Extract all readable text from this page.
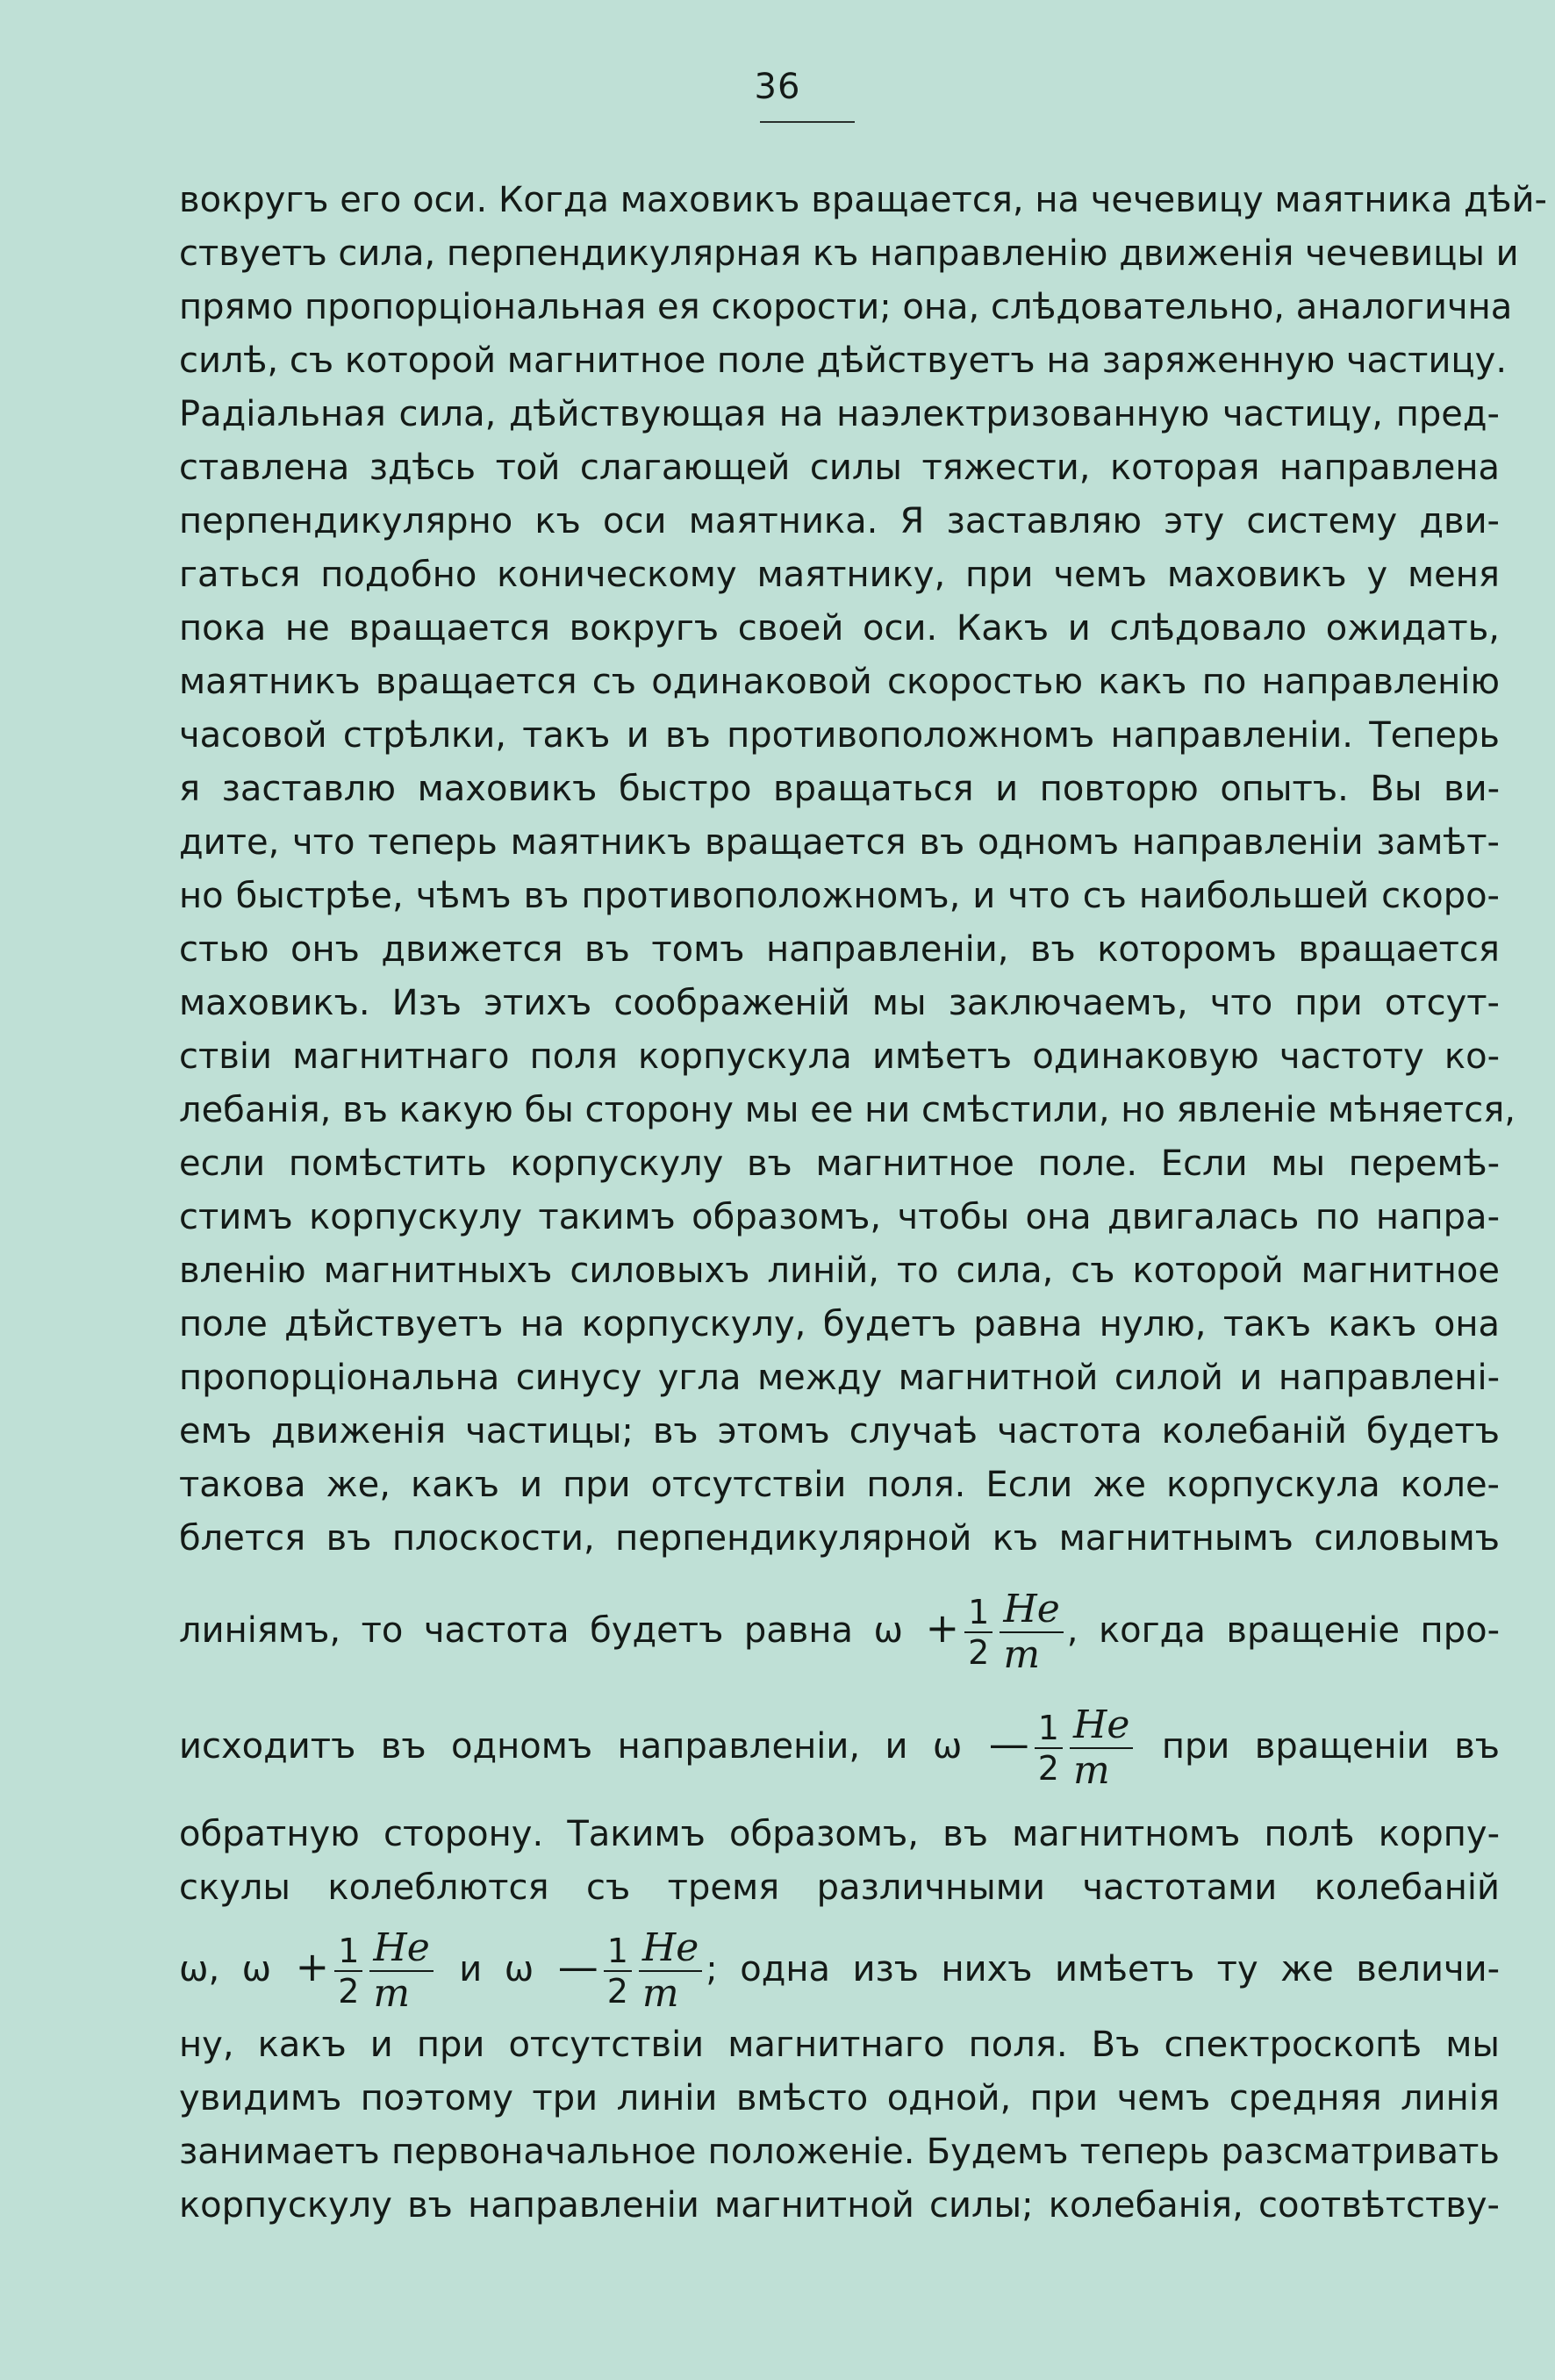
36
вокругъ его оси. Когда маховикъ вращается, на чечевицу маятника дѣй-
ствуетъ сила, перпендикулярная къ направленію движенія чечевицы и
прямо пропорціональная ея скорости; она, слѣдовательно, аналогична
силѣ, съ которой магнитное поле дѣйствуетъ на заряженную частицу.
Радіальная сила, дѣйствующая на наэлектризованную частицу, пред-
ставлена здѣсь той слагающей силы тяжести, которая направлена
перпендикулярно къ оси маятника. Я заставляю эту систему дви-
гаться подобно коническому маятнику, при чемъ маховикъ у меня
пока не вращается вокругъ своей оси. Какъ и слѣдовало ожидать,
маятникъ вращается съ одинаковой скоростью какъ по направленію
часовой стрѣлки, такъ и въ противоположномъ направленіи. Теперь
я заставлю маховикъ быстро вращаться и повторю опытъ. Вы ви-
дите, что теперь маятникъ вращается въ одномъ направленіи замѣт-
но быстрѣе, чѣмъ въ противоположномъ, и что съ наибольшей скоро-
стью онъ движется въ томъ направленіи, въ которомъ вращается
маховикъ. Изъ этихъ соображеній мы заключаемъ, что при отсут-
ствіи магнитнаго поля корпускула имѣетъ одинаковую частоту ко-
лебанія, въ какую бы сторону мы ее ни смѣстили, но явленіе мѣняется,
если помѣстить корпускулу въ магнитное поле. Если мы перемѣ-
стимъ корпускулу такимъ образомъ, чтобы она двигалась по напра-
вленію магнитныхъ силовыхъ линій, то сила, съ которой магнитное
поле дѣйствуетъ на корпускулу, будетъ равна нулю, такъ какъ она
пропорціональна синусу угла между магнитной силой и направлені-
емъ движенія частицы; въ этомъ случаѣ частота колебаній будетъ
такова же, какъ и при отсутствіи поля. Если же корпускула коле-
блется въ плоскости, перпендикулярной къ магнитнымъ силовымъ
линіямъ, то частота будетъ равна $\omega + \frac{1}{2} \frac{He}{m}$ , когда вращеніе про-
исходитъ въ одномъ направленіи, и ω — $\frac{1}{2} \frac{He}{m}$ при вращеніи въ
обратную сторону. Такимъ образомъ, въ магнитномъ полѣ корпу-
скулы колеблются съ тремя различными частотами колебаній
ω, $\omega + \frac{1}{2} \frac{He}{m}$ и ω — $\frac{1}{2} \frac{He}{m}$ ; одна изъ нихъ имѣетъ ту же величи-
ну, какъ и при отсутствіи магнитнаго поля. Въ спектроскопѣ мы
увидимъ поэтому три линіи вмѣсто одной, при чемъ средняя линія
занимаетъ первоначальное положеніе. Будемъ теперь разсматривать
корпускулу въ направленіи магнитной силы; колебанія, соотвѣтству-
